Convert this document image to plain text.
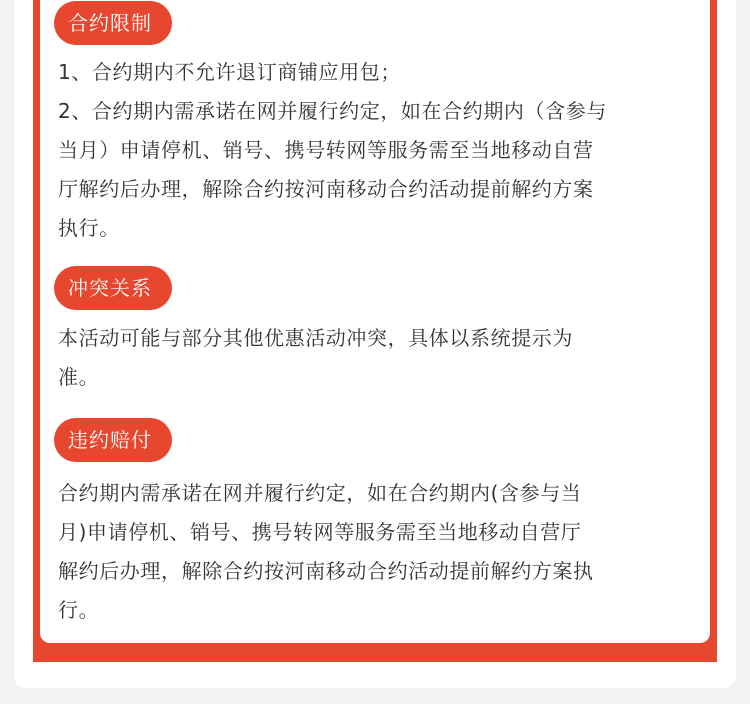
合约限制
1、合约期内不允许退订商铺应用包；
2、合约期内需承诺在网并履行约定，如在合约期内（含参与
当月）申请停机、销号、携号转网等服务需至当地移动自营
厅解约后办理，解除合约按河南移动合约活动提前解约方案
执行。
冲突关系
本活动可能与部分其他优惠活动冲突，具体以系统提示为
准。
违约赔付
合约期内需承诺在网并履行约定，如在合约期内(含参与当
月)申请停机、销号、携号转网等服务需至当地移动自营厅
解约后办理，解除合约按河南移动合约活动提前解约方案执
行。
